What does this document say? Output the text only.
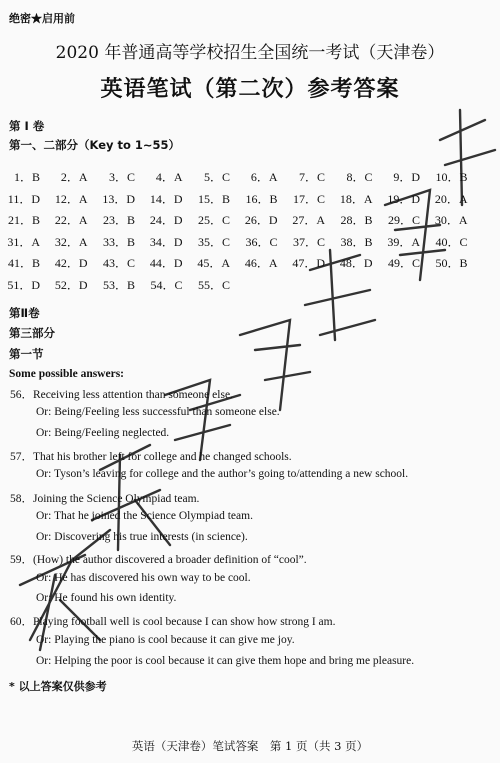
绝密★启用前
2020 年普通高等学校招生全国统一考试（天津卷）
英语笔试（第二次）参考答案
第 I 卷
第一、二部分（Key to 1~55）
1．B	2．A	3．C	4．A	5．C	6．A	7．C	8．C	9．D	10．B
11．D	12．A	13．D	14．D	15．B	16．B	17．C	18．A	19．D	20．A
21．B	22．A	23．B	24．D	25．C	26．D	27．A	28．B	29．C	30．A
31．A	32．A	33．B	34．D	35．C	36．C	37．C	38．B	39．A	40．C
41．B	42．D	43．C	44．D	45．A	46．A	47．D	48．D	49．C	50．B
51．D	52．D	53．B	54．C	55．C
第Ⅱ卷
第三部分
第一节
Some possible answers:
56．Receiving less attention than someone else.
Or: Being/Feeling less successful than someone else.
Or: Being/Feeling neglected.
57．That his brother left for college and he changed schools.
Or: Tyson’s leaving for college and the author’s going to/attending a new school.
58．Joining the Science Olympiad team.
Or: That he joined the Science Olympiad team.
Or: Discovering his true interests (in science).
59．(How) the author discovered a broader definition of “cool”.
Or: He has discovered his own way to be cool.
Or: He found his own identity.
60．Playing football well is cool because I can show how strong I am.
Or: Playing the piano is cool because it can give me joy.
Or: Helping the poor is cool because it can give them hope and bring me pleasure.
* 以上答案仅供参考
英语（天津卷）笔试答案　第 1 页（共 3 页）
天津市教育招生考试院
